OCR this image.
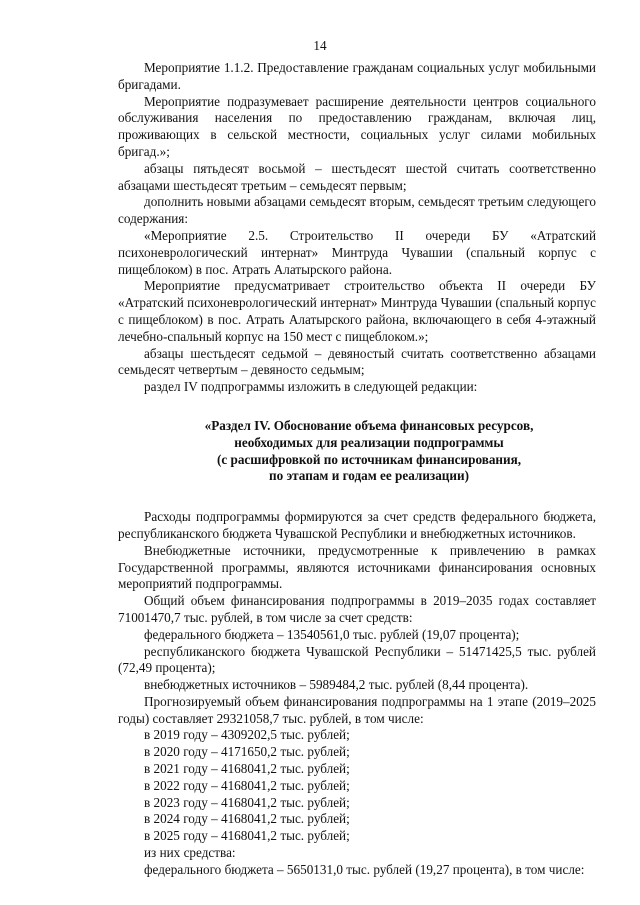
14

Мероприятие 1.1.2. Предоставление гражданам социальных услуг мобильными бригадами.

Мероприятие подразумевает расширение деятельности центров социального обслуживания населения по предоставлению гражданам, включая лиц, проживающих в сельской местности, социальных услуг силами мобильных бригад.»;

абзацы пятьдесят восьмой – шестьдесят шестой считать соответственно абзацами шестьдесят третьим – семьдесят первым;

дополнить новыми абзацами семьдесят вторым, семьдесят третьим следующего содержания:

«Мероприятие 2.5. Строительство II очереди БУ «Атратский психоневрологический интернат» Минтруда Чувашии (спальный корпус с пищеблоком) в пос. Атрать Алатырского района.

Мероприятие предусматривает строительство объекта II очереди БУ «Атратский психоневрологический интернат» Минтруда Чувашии (спальный корпус с пищеблоком) в пос. Атрать Алатырского района, включающего в себя 4-этажный лечебно-спальный корпус на 150 мест с пищеблоком.»;

абзацы шестьдесят седьмой – девяностый считать соответственно абзацами семьдесят четвертым – девяносто седьмым;

раздел IV подпрограммы изложить в следующей редакции:

«Раздел IV. Обоснование объема финансовых ресурсов,
необходимых для реализации подпрограммы
(с расшифровкой по источникам финансирования,
по этапам и годам ее реализации)

Расходы подпрограммы формируются за счет средств федерального бюджета, республиканского бюджета Чувашской Республики и внебюджетных источников.

Внебюджетные источники, предусмотренные к привлечению в рамках Государственной программы, являются источниками финансирования основных мероприятий подпрограммы.

Общий объем финансирования подпрограммы в 2019–2035 годах составляет 71001470,7 тыс. рублей, в том числе за счет средств:

федерального бюджета – 13540561,0 тыс. рублей (19,07 процента);

республиканского бюджета Чувашской Республики – 51471425,5 тыс. рублей (72,49 процента);

внебюджетных источников – 5989484,2 тыс. рублей (8,44 процента).

Прогнозируемый объем финансирования подпрограммы на 1 этапе (2019–2025 годы) составляет 29321058,7 тыс. рублей, в том числе:

в 2019 году – 4309202,5 тыс. рублей;

в 2020 году – 4171650,2 тыс. рублей;

в 2021 году – 4168041,2 тыс. рублей;

в 2022 году – 4168041,2 тыс. рублей;

в 2023 году – 4168041,2 тыс. рублей;

в 2024 году – 4168041,2 тыс. рублей;

в 2025 году – 4168041,2 тыс. рублей;

из них средства:

федерального бюджета – 5650131,0 тыс. рублей (19,27 процента), в том числе:
